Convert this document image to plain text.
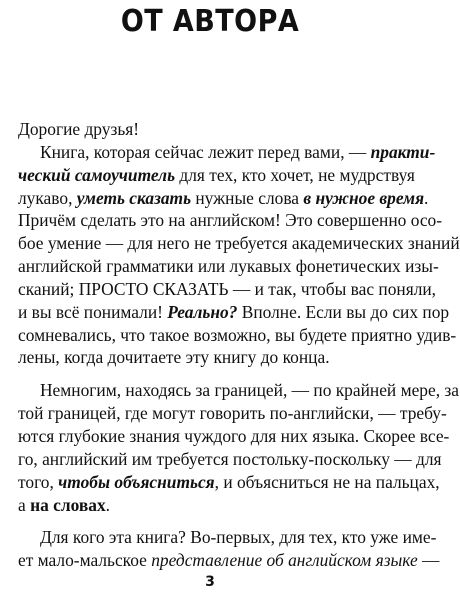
ОТ АВТОРА
Дорогие друзья!
Книга, которая сейчас лежит перед вами, — практи-
ческий самоучитель для тех, кто хочет, не мудрствуя
лукаво, уметь сказать нужные слова в нужное время.
Причём сделать это на английском! Это совершенно осо-
бое умение — для него не требуется академических знаний
английской грамматики или лукавых фонетических изы-
сканий; ПРОСТО СКАЗАТЬ — и так, чтобы вас поняли,
и вы всё понимали! Реально? Вполне. Если вы до сих пор
сомневались, что такое возможно, вы будете приятно удив-
лены, когда дочитаете эту книгу до конца.
Немногим, находясь за границей, — по крайней мере, за
той границей, где могут говорить по-английски, — требу-
ются глубокие знания чуждого для них языка. Скорее все-
го, английский им требуется постольку-поскольку — для
того, чтобы объясниться, и объясниться не на пальцах,
а на словах.
Для кого эта книга? Во-первых, для тех, кто уже име-
ет мало-мальское представление об английском языке —
3
